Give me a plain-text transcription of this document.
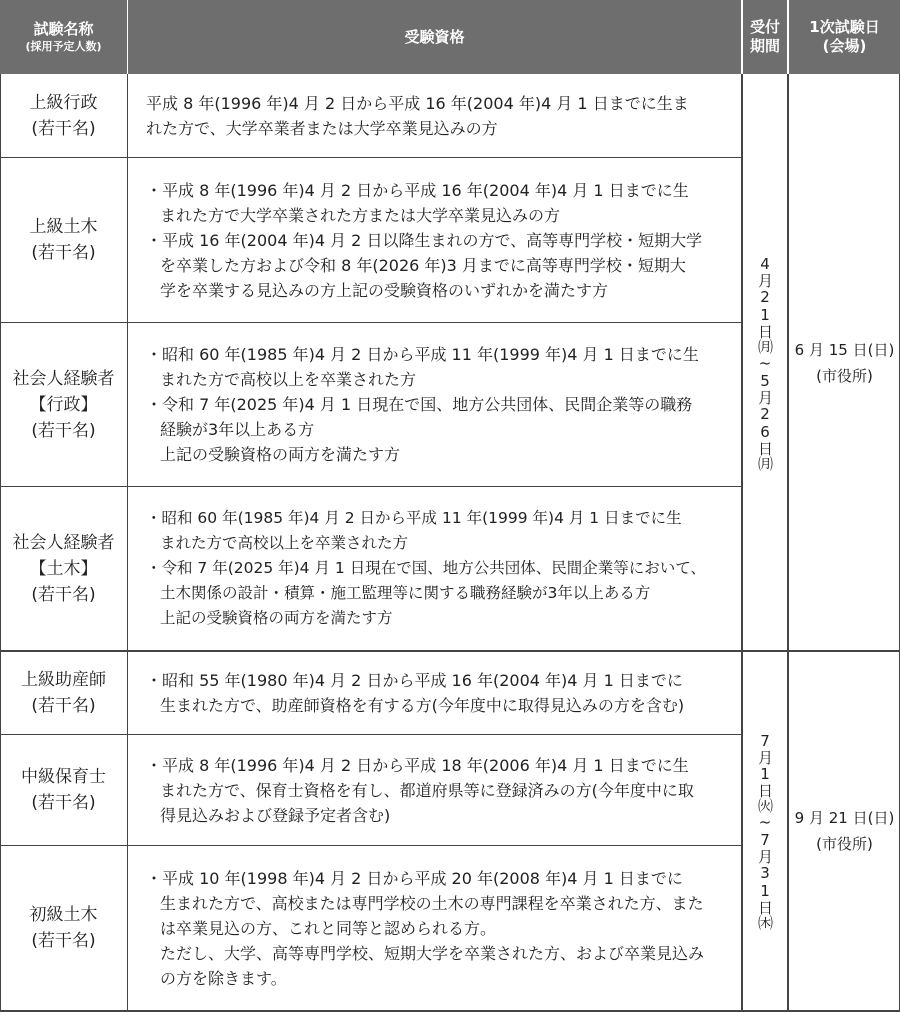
試験名称
(採用予定人数)
受験資格
受付
期間
1次試験日
(会場)
上級行政
(若干名)

平成 8 年(1996 年)4 月 2 日から平成 16 年(2004 年)4 月 1 日までに生ま

れた方で、大学卒業者または大学卒業見込みの方

上級土木
(若干名)

・平成 8 年(1996 年)4 月 2 日から平成 16 年(2004 年)4 月 1 日までに生

まれた方で大学卒業された方または大学卒業見込みの方

・平成 16 年(2004 年)4 月 2 日以降生まれの方で、高等専門学校・短期大学

を卒業した方および令和 8 年(2026 年)3 月までに高等専門学校・短期大

学を卒業する見込みの方上記の受験資格のいずれかを満たす方

社会人経験者
【行政】
(若干名)

・昭和 60 年(1985 年)4 月 2 日から平成 11 年(1999 年)4 月 1 日までに生

まれた方で高校以上を卒業された方

・令和 7 年(2025 年)4 月 1 日現在で国、地方公共団体、民間企業等の職務

経験が3年以上ある方

上記の受験資格の両方を満たす方

社会人経験者
【土木】
(若干名)

・昭和 60 年(1985 年)4 月 2 日から平成 11 年(1999 年)4 月 1 日までに生

まれた方で高校以上を卒業された方

・令和 7 年(2025 年)4 月 1 日現在で国、地方公共団体、民間企業等において、

土木関係の設計・積算・施工監理等に関する職務経験が3年以上ある方

上記の受験資格の両方を満たす方

上級助産師
(若干名)

・昭和 55 年(1980 年)4 月 2 日から平成 16 年(2004 年)4 月 1 日までに

生まれた方で、助産師資格を有する方(今年度中に取得見込みの方を含む)

中級保育士
(若干名)

・平成 8 年(1996 年)4 月 2 日から平成 18 年(2006 年)4 月 1 日までに生

まれた方で、保育士資格を有し、都道府県等に登録済みの方(今年度中に取

得見込みおよび登録予定者含む)

初級土木
(若干名)

・平成 10 年(1998 年)4 月 2 日から平成 20 年(2008 年)4 月 1 日までに

生まれた方で、高校または専門学校の土木の専門課程を卒業された方、また

は卒業見込の方、これと同等と認められる方。

ただし、大学、高等専門学校、短期大学を卒業された方、および卒業見込み

の方を除きます。

4月21日㈪~5月26日㈪ 6 月 15 日(日)
(市役所)
7月1日㈫~7月31日㈭ 9 月 21 日(日)
(市役所)
